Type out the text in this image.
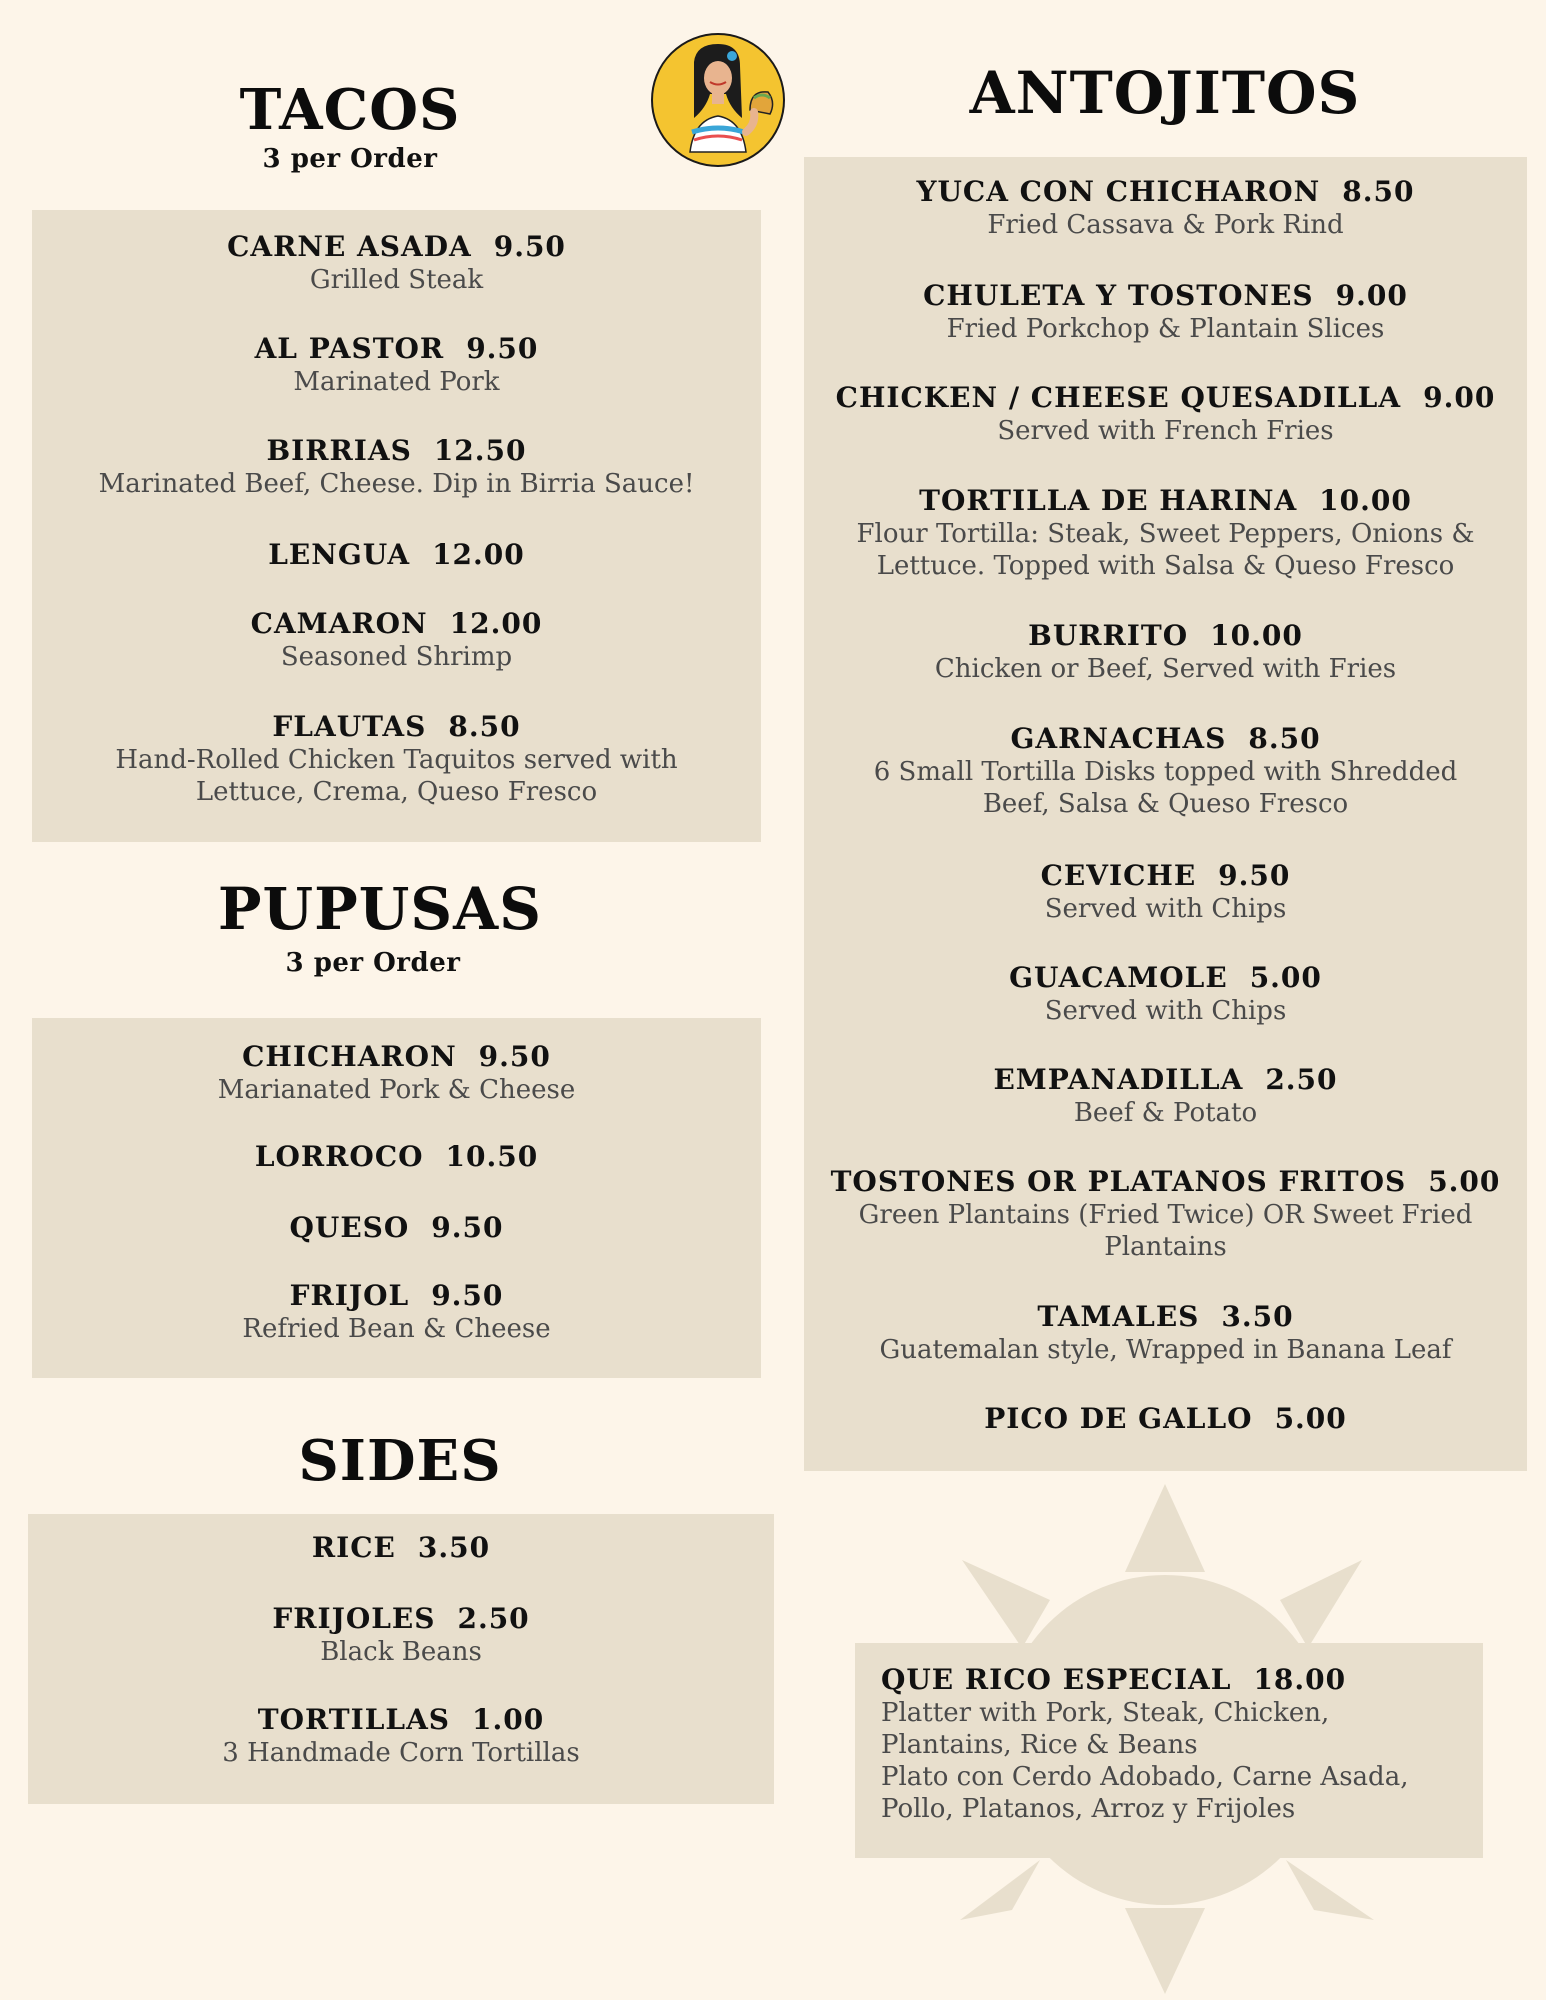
TACOS
3 per Order
CARNE ASADA 9.50
Grilled Steak
AL PASTOR 9.50
Marinated Pork
BIRRIAS 12.50
Marinated Beef, Cheese. Dip in Birria Sauce!
LENGUA 12.00
CAMARON 12.00
Seasoned Shrimp
FLAUTAS 8.50
Hand-Rolled Chicken Taquitos served with
Lettuce, Crema, Queso Fresco
PUPUSAS
3 per Order
CHICHARON 9.50
Marianated Pork & Cheese
LORROCO 10.50
QUESO 9.50
FRIJOL 9.50
Refried Bean & Cheese
SIDES
RICE 3.50
FRIJOLES 2.50
Black Beans
TORTILLAS 1.00
3 Handmade Corn Tortillas
ANTOJITOS
YUCA CON CHICHARON 8.50
Fried Cassava & Pork Rind
CHULETA Y TOSTONES 9.00
Fried Porkchop & Plantain Slices
CHICKEN / CHEESE QUESADILLA 9.00
Served with French Fries
TORTILLA DE HARINA 10.00
Flour Tortilla: Steak, Sweet Peppers, Onions &
Lettuce. Topped with Salsa & Queso Fresco
BURRITO 10.00
Chicken or Beef, Served with Fries
GARNACHAS 8.50
6 Small Tortilla Disks topped with Shredded
Beef, Salsa & Queso Fresco
CEVICHE 9.50
Served with Chips
GUACAMOLE 5.00
Served with Chips
EMPANADILLA 2.50
Beef & Potato
TOSTONES OR PLATANOS FRITOS 5.00
Green Plantains (Fried Twice) OR Sweet Fried
Plantains
TAMALES 3.50
Guatemalan style, Wrapped in Banana Leaf
PICO DE GALLO 5.00
QUE RICO ESPECIAL 18.00
Platter with Pork, Steak, Chicken,
Plantains, Rice & Beans
Plato con Cerdo Adobado, Carne Asada,
Pollo, Platanos, Arroz y Frijoles
